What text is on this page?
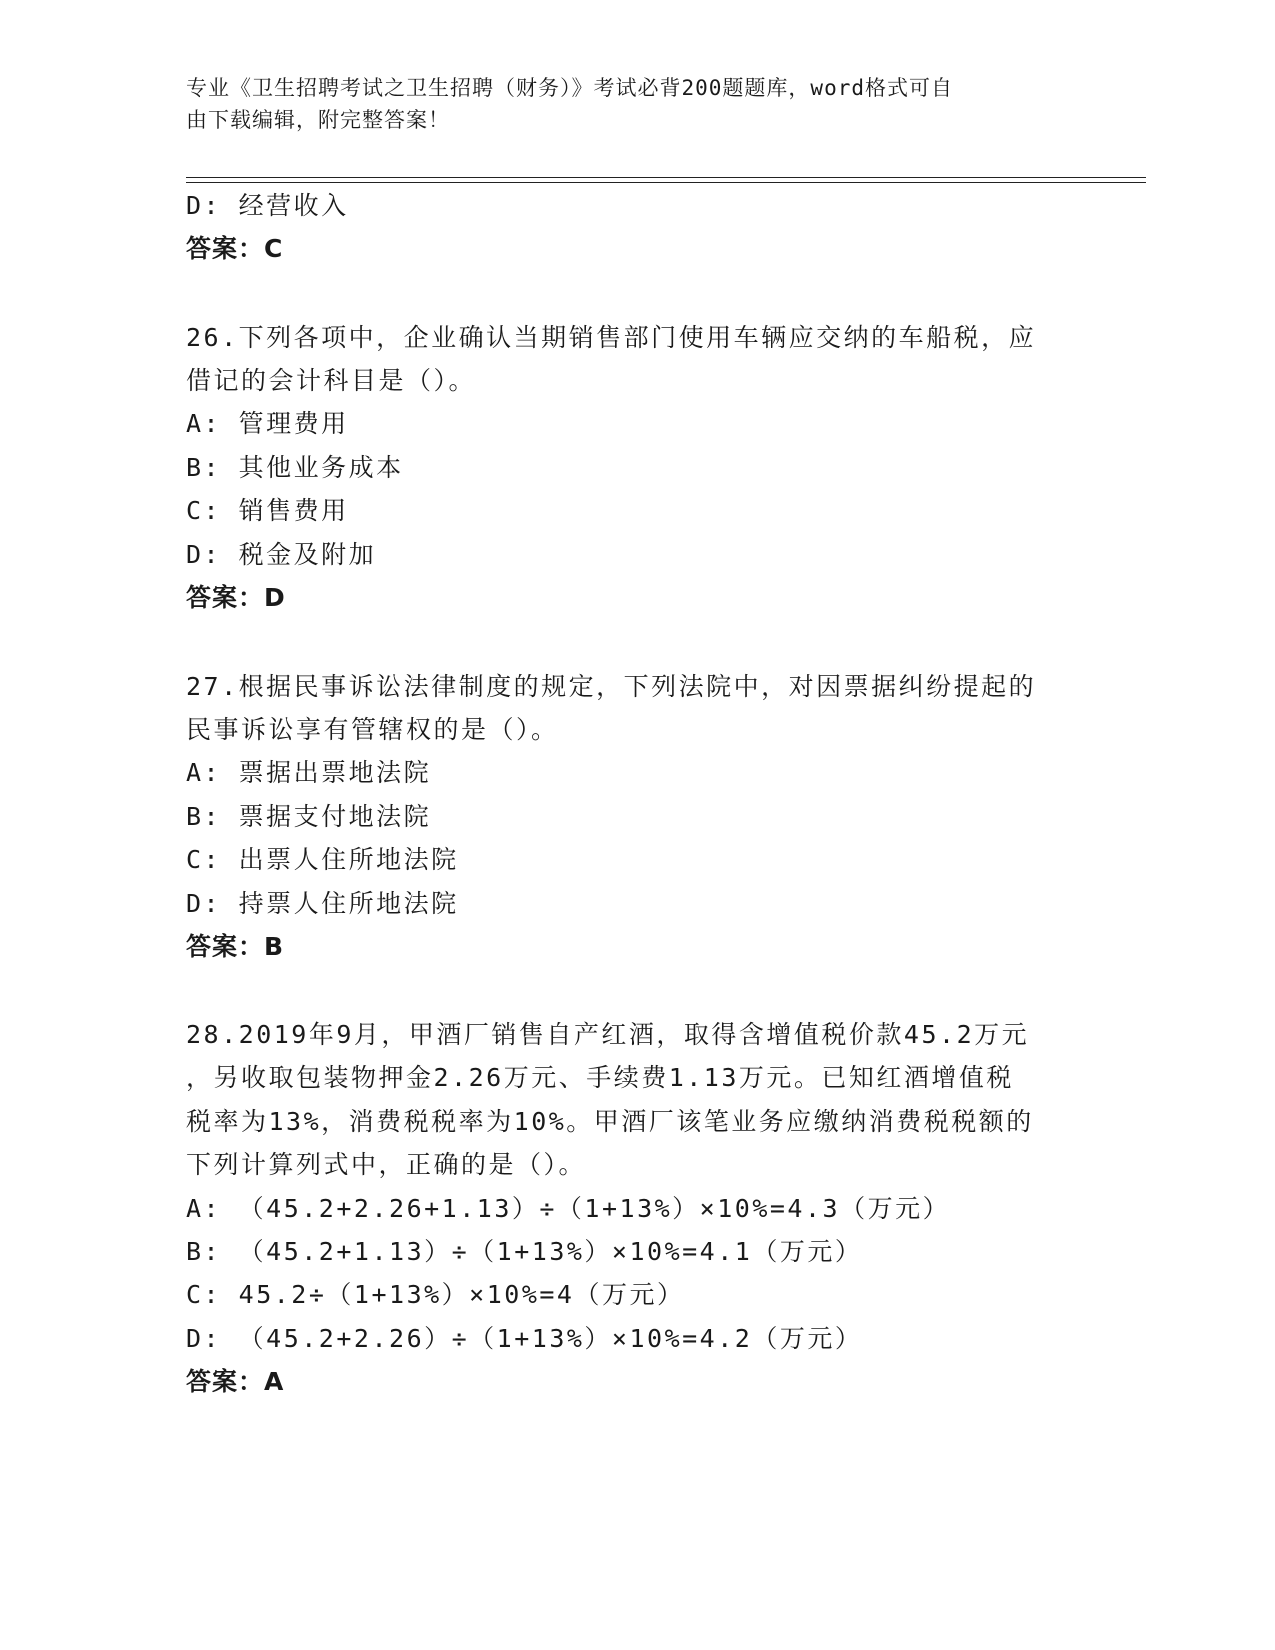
专业《卫生招聘考试之卫生招聘（财务）》考试必背200题题库，word格式可自
由下载编辑，附完整答案！
D: 经营收入
答案：C
26.下列各项中，企业确认当期销售部门使用车辆应交纳的车船税，应
借记的会计科目是（）。
A: 管理费用
B: 其他业务成本
C: 销售费用
D: 税金及附加
答案：D
27.根据民事诉讼法律制度的规定，下列法院中，对因票据纠纷提起的
民事诉讼享有管辖权的是（）。
A: 票据出票地法院
B: 票据支付地法院
C: 出票人住所地法院
D: 持票人住所地法院
答案：B
28.2019年9月，甲酒厂销售自产红酒，取得含增值税价款45.2万元
，另收取包装物押金2.26万元、手续费1.13万元。已知红酒增值税
税率为13%，消费税税率为10%。甲酒厂该笔业务应缴纳消费税税额的
下列计算列式中，正确的是（）。
A: （45.2+2.26+1.13）÷（1+13%）×10%=4.3（万元）
B: （45.2+1.13）÷（1+13%）×10%=4.1（万元）
C: 45.2÷（1+13%）×10%=4（万元）
D: （45.2+2.26）÷（1+13%）×10%=4.2（万元）
答案：A
